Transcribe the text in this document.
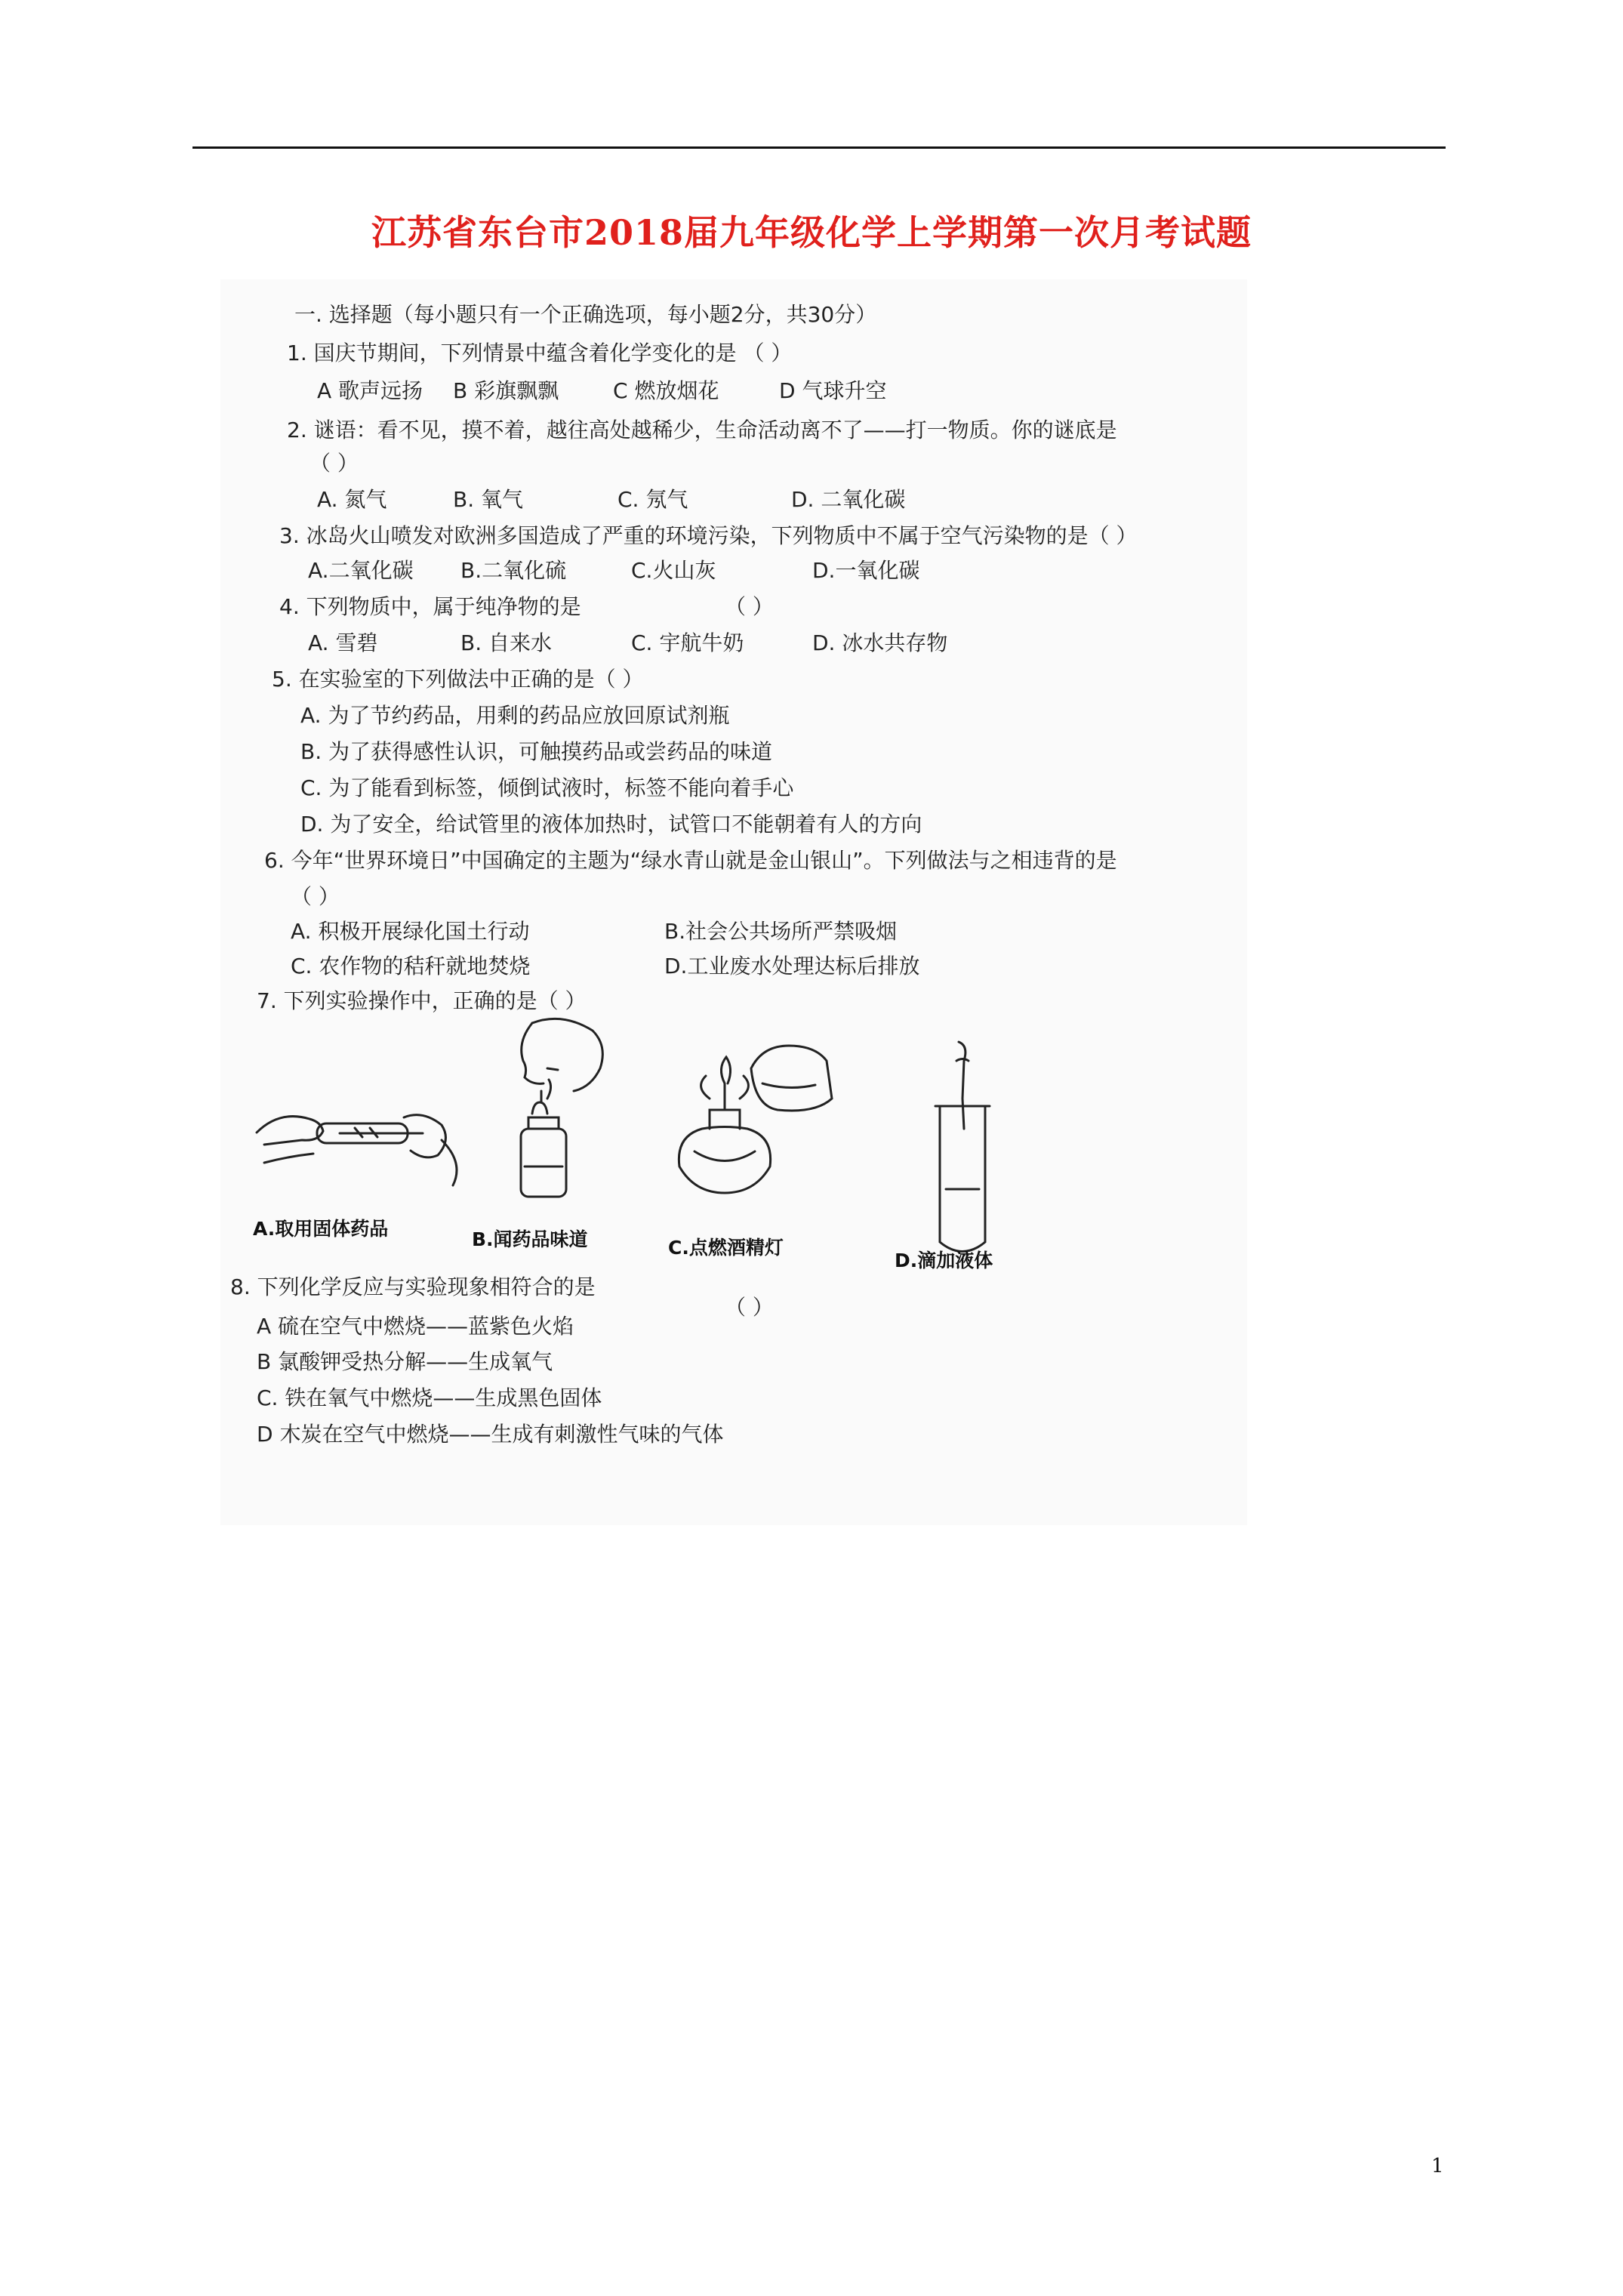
江苏省东台市2018届九年级化学上学期第一次月考试题
一. 选择题（每小题只有一个正确选项，每小题2分，共30分）
1. 国庆节期间，下列情景中蕴含着化学变化的是 （ ）
A 歌声远扬 B 彩旗飘飘	C 燃放烟花	D 气球升空
2. 谜语：看不见，摸不着，越往高处越稀少，生命活动离不了——打一物质。你的谜底是
（ ）
A. 氮气	B. 氧气	C. 氖气	D. 二氧化碳
3. 冰岛火山喷发对欧洲多国造成了严重的环境污染，下列物质中不属于空气污染物的是（ ）
A.二氧化碳 B.二氧化硫	C.火山灰	D.一氧化碳
4. 下列物质中，属于纯净物的是	（ ）
A. 雪碧	B. 自来水	C. 宇航牛奶	D. 冰水共存物
5. 在实验室的下列做法中正确的是（ ）
A. 为了节约药品，用剩的药品应放回原试剂瓶
B. 为了获得感性认识，可触摸药品或尝药品的味道
C. 为了能看到标签，倾倒试液时，标签不能向着手心
D. 为了安全，给试管里的液体加热时，试管口不能朝着有人的方向
6. 今年“世界环境日”中国确定的主题为“绿水青山就是金山银山”。下列做法与之相违背的是
（ ）
A. 积极开展绿化国土行动	B.社会公共场所严禁吸烟
C. 农作物的秸秆就地焚烧	D.工业废水处理达标后排放
7. 下列实验操作中，正确的是（ ）
A.取用固体药品	B.闻药品味道	C.点燃酒精灯
D.滴加液体
8. 下列化学反应与实验现象相符合的是
（ ）
A 硫在空气中燃烧——蓝紫色火焰
B 氯酸钾受热分解——生成氧气
C. 铁在氧气中燃烧——生成黑色固体
D 木炭在空气中燃烧——生成有刺激性气味的气体
1
